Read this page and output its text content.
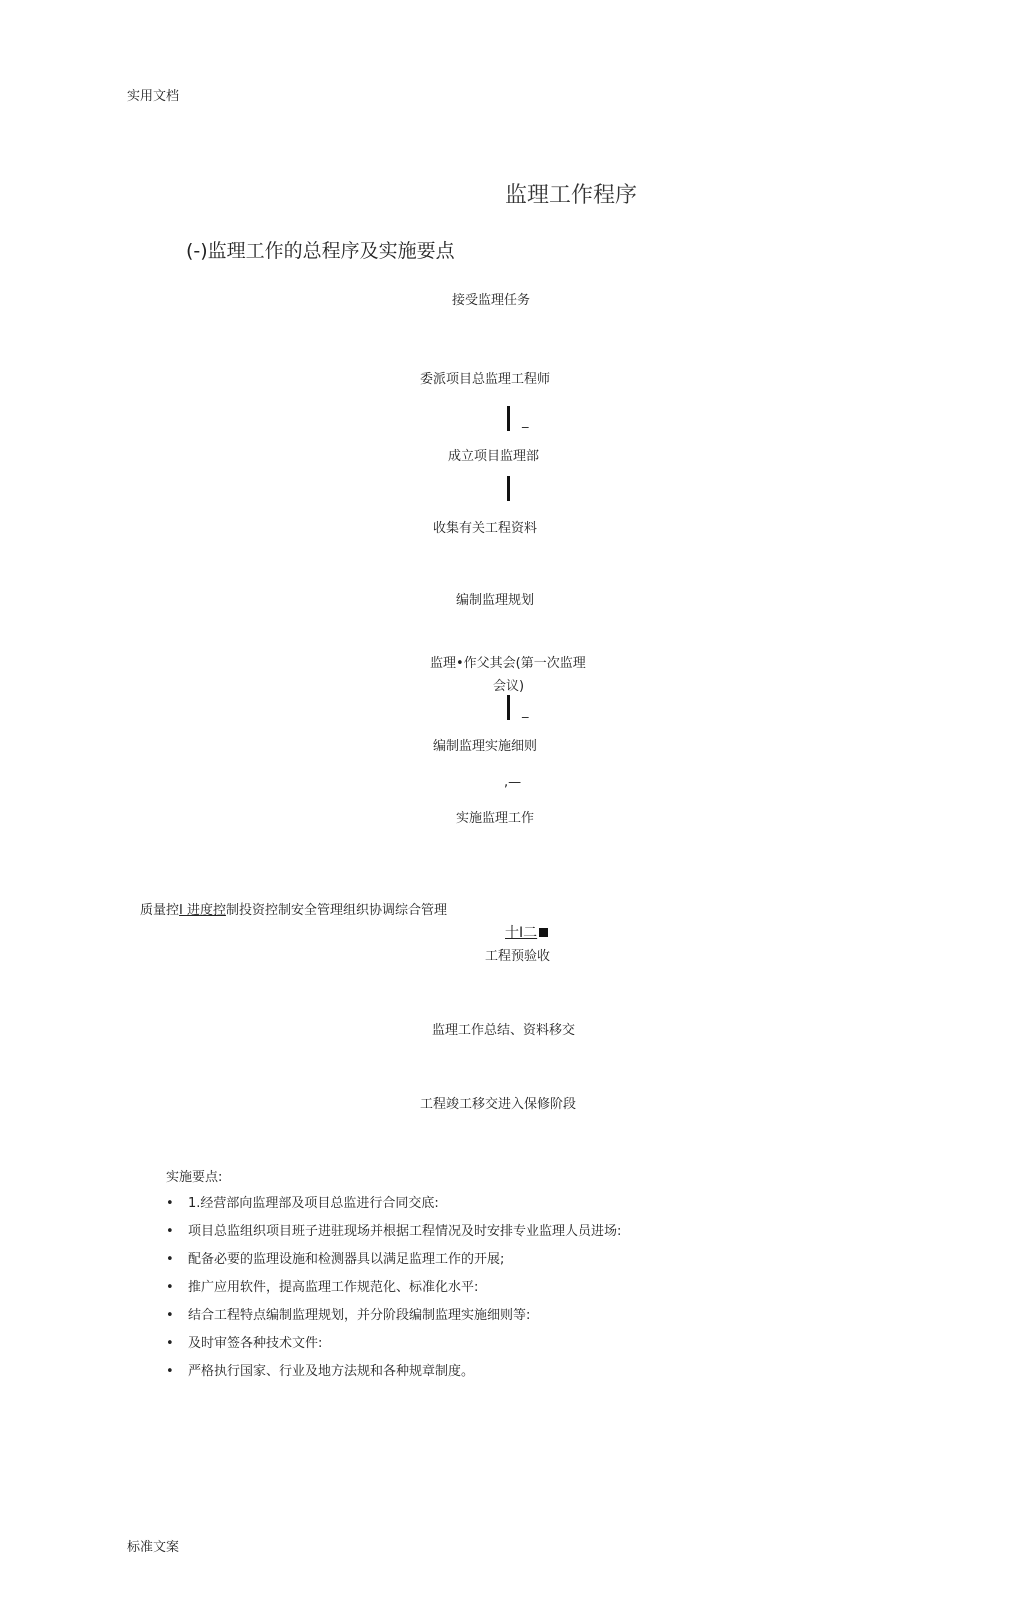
实用文档
监理工作程序
(-)监理工作的总程序及实施要点
接受监理任务
委派项目总监理工程师
_
成立项目监理部
收集有关工程资料
编制监理规划
监理•作父其会(第一次监理
会议)
_
编制监理实施细则
,—
实施监理工作
质量控I 进度控制投资控制安全管理组织协调综合管理
十I二
工程预验收
监理工作总结、资料移交
工程竣工移交进入保修阶段
实施要点:
• 1.经营部向监理部及项目总监进行合同交底:
• 项目总监组织项目班子进驻现场并根据工程情况及时安排专业监理人员进场:
• 配备必要的监理设施和检测器具以满足监理工作的开展;
• 推广应用软件，提高监理工作规范化、标准化水平:
• 结合工程特点编制监理规划，并分阶段编制监理实施细则等:
• 及时审签各种技术文件:
• 严格执行国家、行业及地方法规和各种规章制度。
标准文案
